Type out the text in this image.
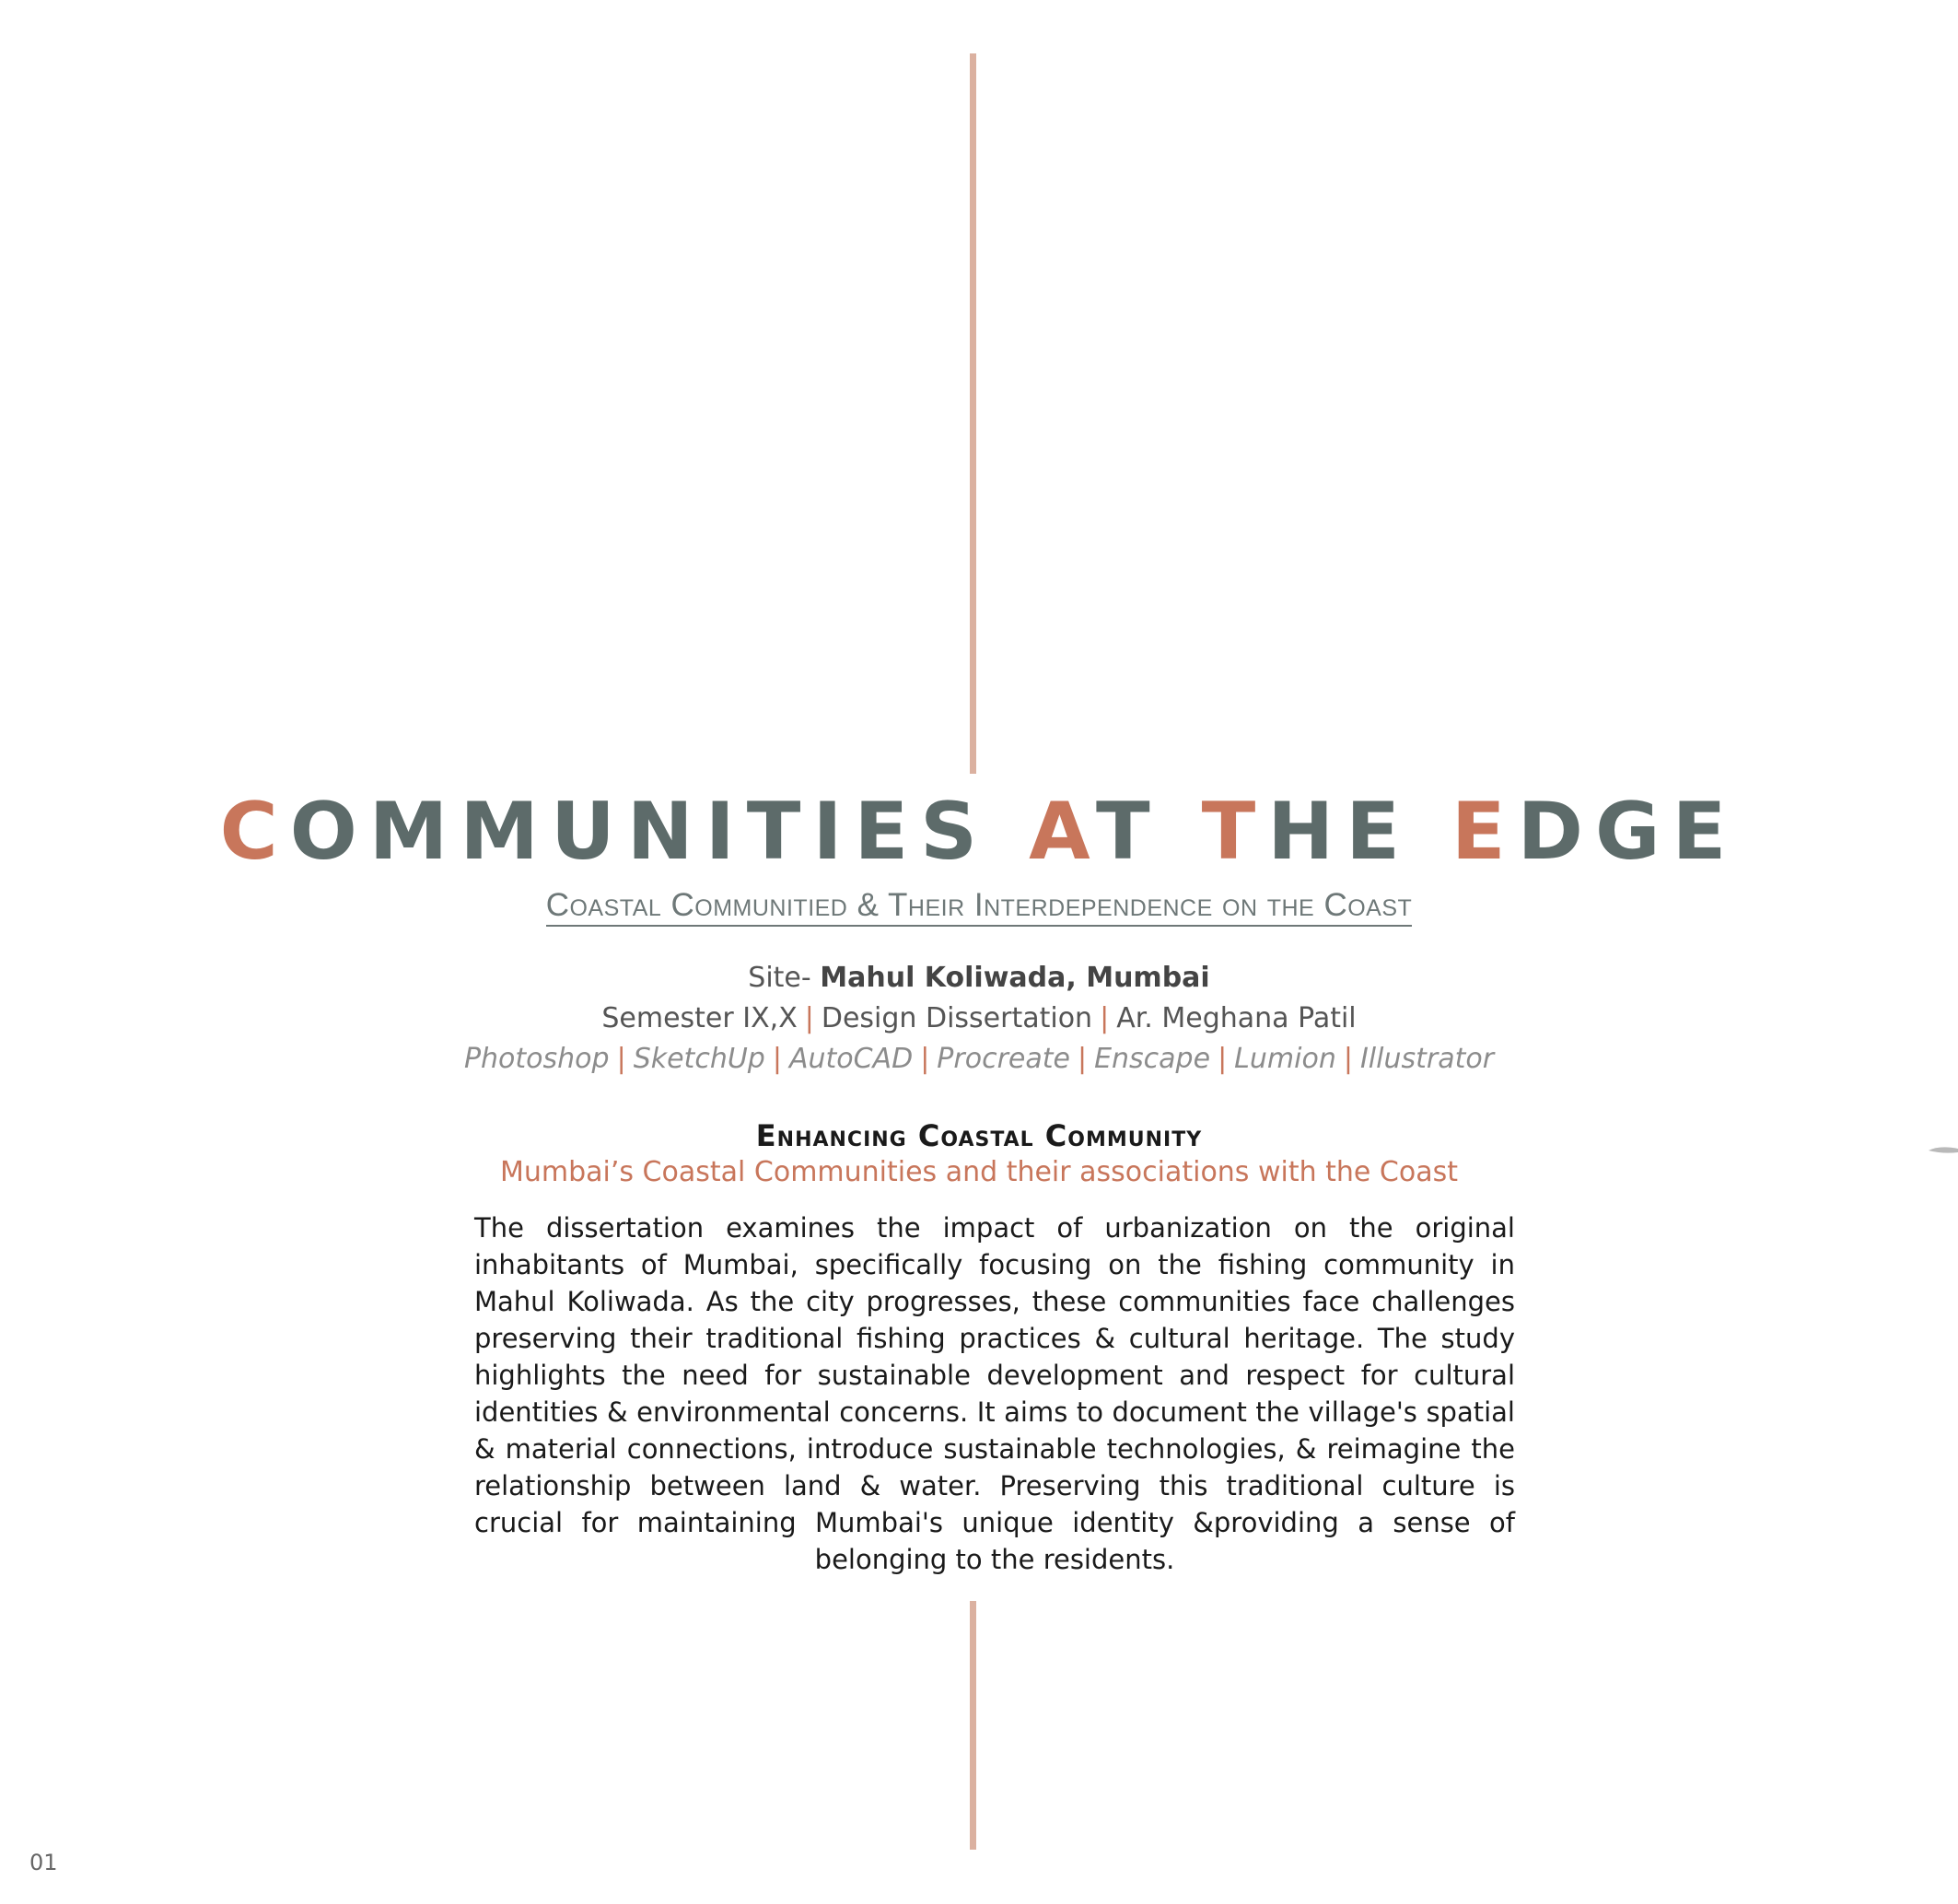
COMMUNITIES AT THE EDGE
Coastal Communitied & Their Interdependence on the Coast
Site- Mahul Koliwada, Mumbai
Semester IX,X | Design Dissertation | Ar. Meghana Patil
Photoshop | SketchUp | AutoCAD | Procreate | Enscape | Lumion | Illustrator
Enhancing Coastal Community
Mumbai’s Coastal Communities and their associations with the Coast
The dissertation examines the impact of urbanization on the original inhabitants of Mumbai, specifically focusing on the fishing community in Mahul Koliwada. As the city progresses, these communities face challenges preserving their traditional fishing practices & cultural heritage. The study highlights the need for sustainable development and respect for cultural identities & environmental concerns. It aims to document the village's spatial & material connections, introduce sustainable technologies, & reimagine the relationship between land & water. Preserving this traditional culture is crucial for maintaining Mumbai's unique identity &providing a sense of belonging to the residents.
01
